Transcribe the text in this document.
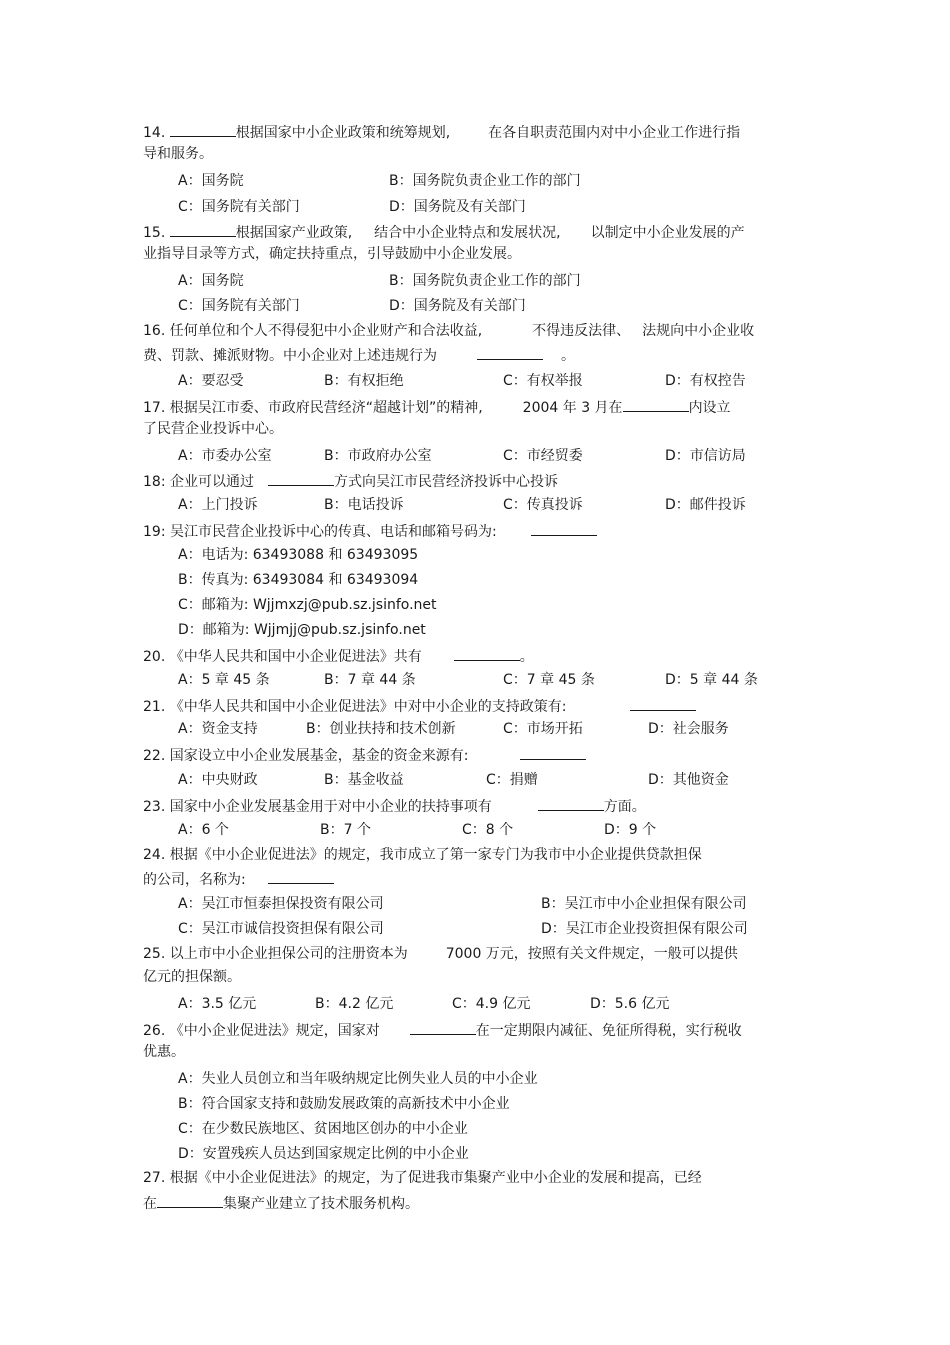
14.	根据国家中小企业政策和统筹规划,	在各自职责范围内对中小企业工作进行指
导和服务。
A：国务院	B：国务院负责企业工作的部门
C：国务院有关部门	D：国务院及有关部门
15.	根据国家产业政策, 结合中小企业特点和发展状况, 以制定中小企业发展的产
业指导目录等方式，确定扶持重点，引导鼓励中小企业发展。
A：国务院	B：国务院负责企业工作的部门
C：国务院有关部门	D：国务院及有关部门
16. 任何单位和个人不得侵犯中小企业财产和合法收益,	不得违反法律、 法规向中小企业收
费、罚款、摊派财物。中小企业对上述违规行为	。
A：要忍受	B：有权拒绝	C：有权举报	D：有权控告
17. 根据吴江市委、市政府民营经济“超越计划”的精神,	2004 年 3 月在	内设立
了民营企业投诉中心。
A：市委办公室	B：市政府办公室	C：市经贸委	D：市信访局
18: 企业可以通过	方式向吴江市民营经济投诉中心投诉
A：上门投诉	B：电话投诉	C：传真投诉	D：邮件投诉
19: 吴江市民营企业投诉中心的传真、电话和邮箱号码为:
A：电话为: 63493088 和 63493095
B：传真为: 63493084 和 63493094
C：邮箱为: Wjjmxzj@pub.sz.jsinfo.net
D：邮箱为: Wjjmjj@pub.sz.jsinfo.net
20. 《中华人民共和国中小企业促进法》共有	。
A：5 章 45 条	B：7 章 44 条	C：7 章 45 条	D：5 章 44 条
21. 《中华人民共和国中小企业促进法》中对中小企业的支持政策有:
A：资金支持	B：创业扶持和技术创新	C：市场开拓	D：社会服务
22. 国家设立中小企业发展基金，基金的资金来源有:
A：中央财政	B：基金收益	C：捐赠	D：其他资金
23. 国家中小企业发展基金用于对中小企业的扶持事项有	方面。
A：6 个	B：7 个	C：8 个	D：9 个
24. 根据《中小企业促进法》的规定，我市成立了第一家专门为我市中小企业提供贷款担保
的公司，名称为:
A：吴江市恒泰担保投资有限公司	B：吴江市中小企业担保有限公司
C：吴江市诚信投资担保有限公司	D：吴江市企业投资担保有限公司
25. 以上市中小企业担保公司的注册资本为	7000 万元，按照有关文件规定，一般可以提供
亿元的担保额。
A：3.5 亿元	B：4.2 亿元	C：4.9 亿元	D：5.6 亿元
26. 《中小企业促进法》规定，国家对	在一定期限内减征、免征所得税，实行税收
优惠。
A：失业人员创立和当年吸纳规定比例失业人员的中小企业
B：符合国家支持和鼓励发展政策的高新技术中小企业
C：在少数民族地区、贫困地区创办的中小企业
D：安置残疾人员达到国家规定比例的中小企业
27. 根据《中小企业促进法》的规定，为了促进我市集聚产业中小企业的发展和提高，已经
在	集聚产业建立了技术服务机构。
